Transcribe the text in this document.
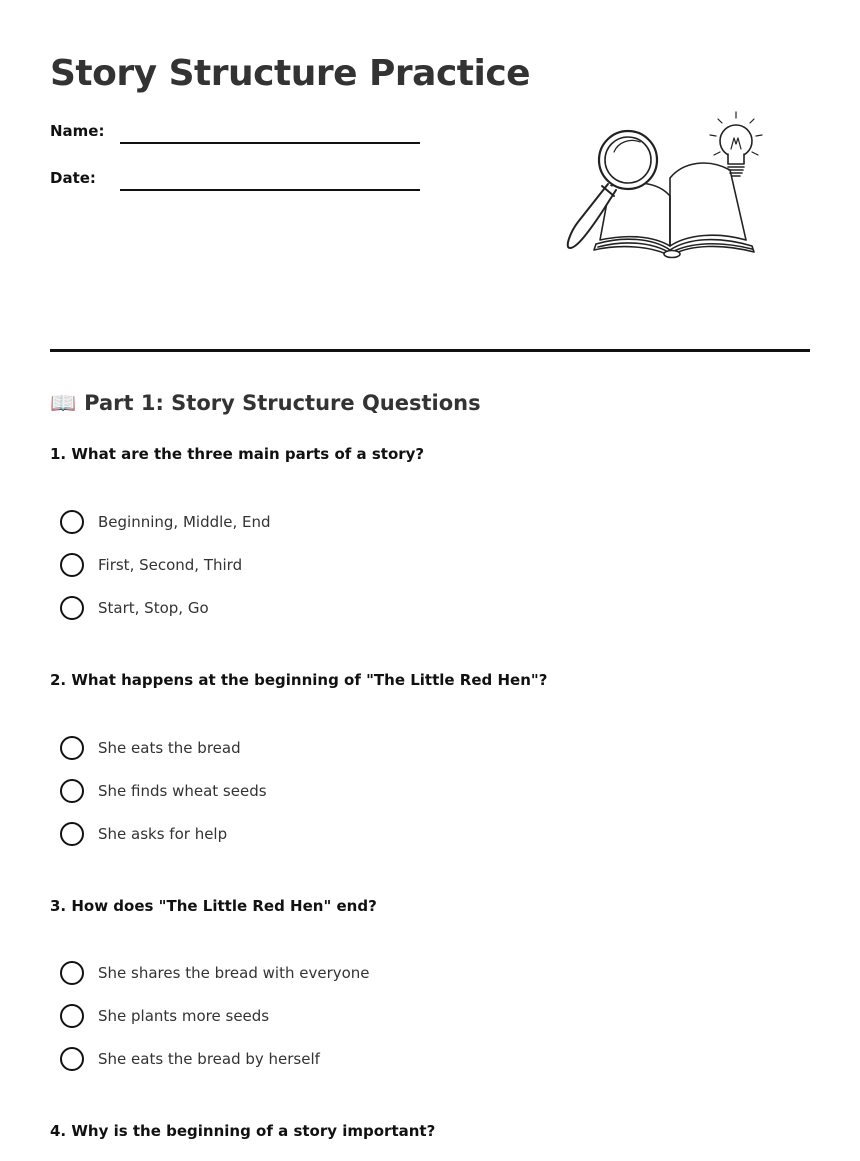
Story Structure Practice
Name:
Date:
📖 Part 1: Story Structure Questions

1. What are the three main parts of a story?

Beginning, Middle, End
First, Second, Third
Start, Stop, Go

2. What happens at the beginning of "The Little Red Hen"?

She eats the bread
She finds wheat seeds
She asks for help

3. How does "The Little Red Hen" end?

She shares the bread with everyone
She plants more seeds
She eats the bread by herself

4. Why is the beginning of a story important?
